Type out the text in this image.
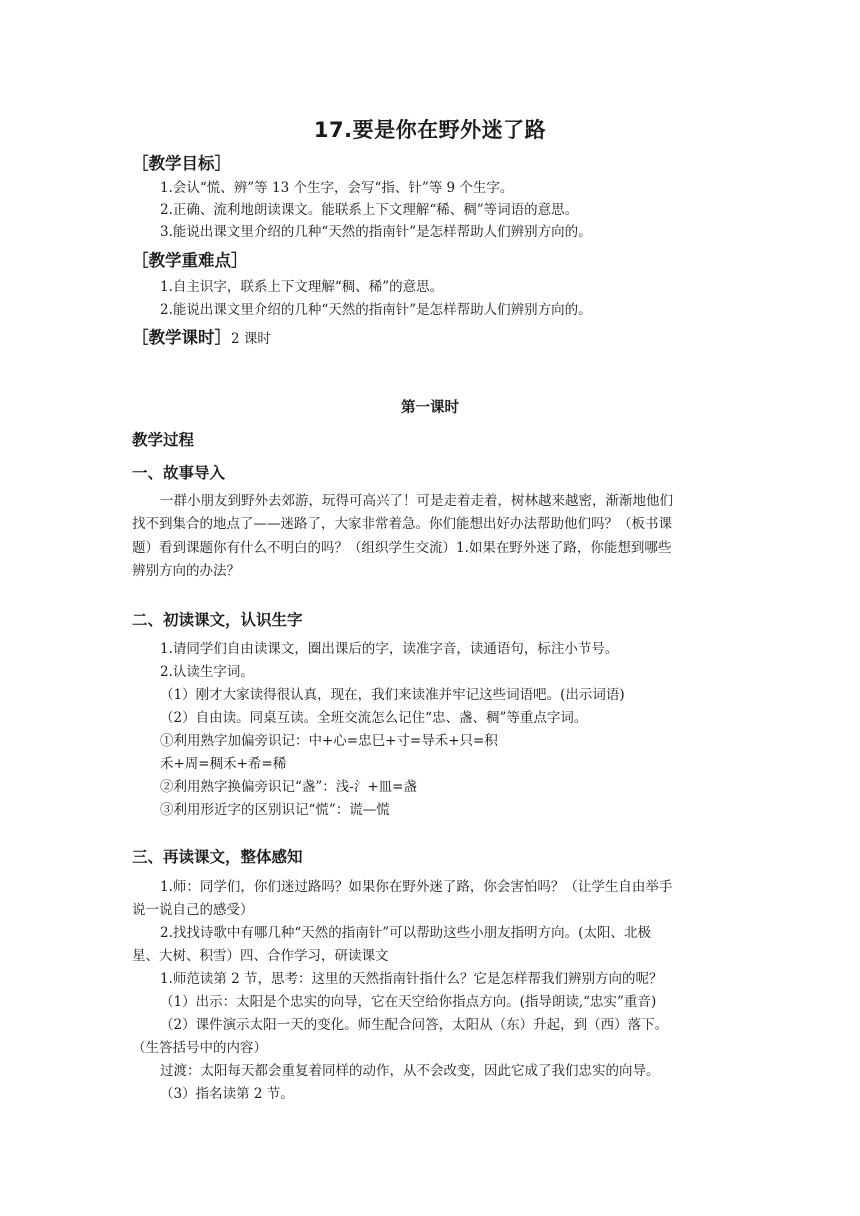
17.要是你在野外迷了路
［教学目标］
1.会认“慌、辨”等 13 个生字，会写“指、针”等 9 个生字。
2.正确、流利地朗读课文。能联系上下文理解“稀、稠”等词语的意思。
3.能说出课文里介绍的几种“天然的指南针”是怎样帮助人们辨别方向的。
［教学重难点］
1.自主识字，联系上下文理解“稠、稀”的意思。
2.能说出课文里介绍的几种“天然的指南针”是怎样帮助人们辨别方向的。
［教学课时］2 课时
第一课时
教学过程
一、故事导入
一群小朋友到野外去郊游，玩得可高兴了！可是走着走着，树林越来越密，渐渐地他们
找不到集合的地点了——迷路了，大家非常着急。你们能想出好办法帮助他们吗？（板书课
题）看到课题你有什么不明白的吗？（组织学生交流）1.如果在野外迷了路，你能想到哪些
辨别方向的办法？
二、初读课文，认识生字
1.请同学们自由读课文，圈出课后的字，读准字音，读通语句，标注小节号。
2.认读生字词。
（1）刚才大家读得很认真，现在，我们来读准并牢记这些词语吧。(出示词语)
（2）自由读。同桌互读。全班交流怎么记住“忠、盏、稠”等重点字词。
①利用熟字加偏旁识记：中+心=忠巳+寸=导禾+只=积
禾+周=稠禾+希=稀
②利用熟字换偏旁识记“盏”：浅-氵+皿=盏
③利用形近字的区别识记“慌”：谎—慌
三、再读课文，整体感知
1.师：同学们，你们迷过路吗？如果你在野外迷了路，你会害怕吗？（让学生自由举手
说一说自己的感受）
2.找找诗歌中有哪几种“天然的指南针”可以帮助这些小朋友指明方向。(太阳、北极
星、大树、积雪）四、合作学习，研读课文
1.师范读第 2 节，思考：这里的天然指南针指什么？它是怎样帮我们辨别方向的呢？
（1）出示：太阳是个忠实的向导，它在天空给你指点方向。(指导朗读,“忠实”重音)
（2）课件演示太阳一天的变化。师生配合问答，太阳从（东）升起，到（西）落下。
（生答括号中的内容）
过渡：太阳每天都会重复着同样的动作，从不会改变，因此它成了我们忠实的向导。
（3）指名读第 2 节。
